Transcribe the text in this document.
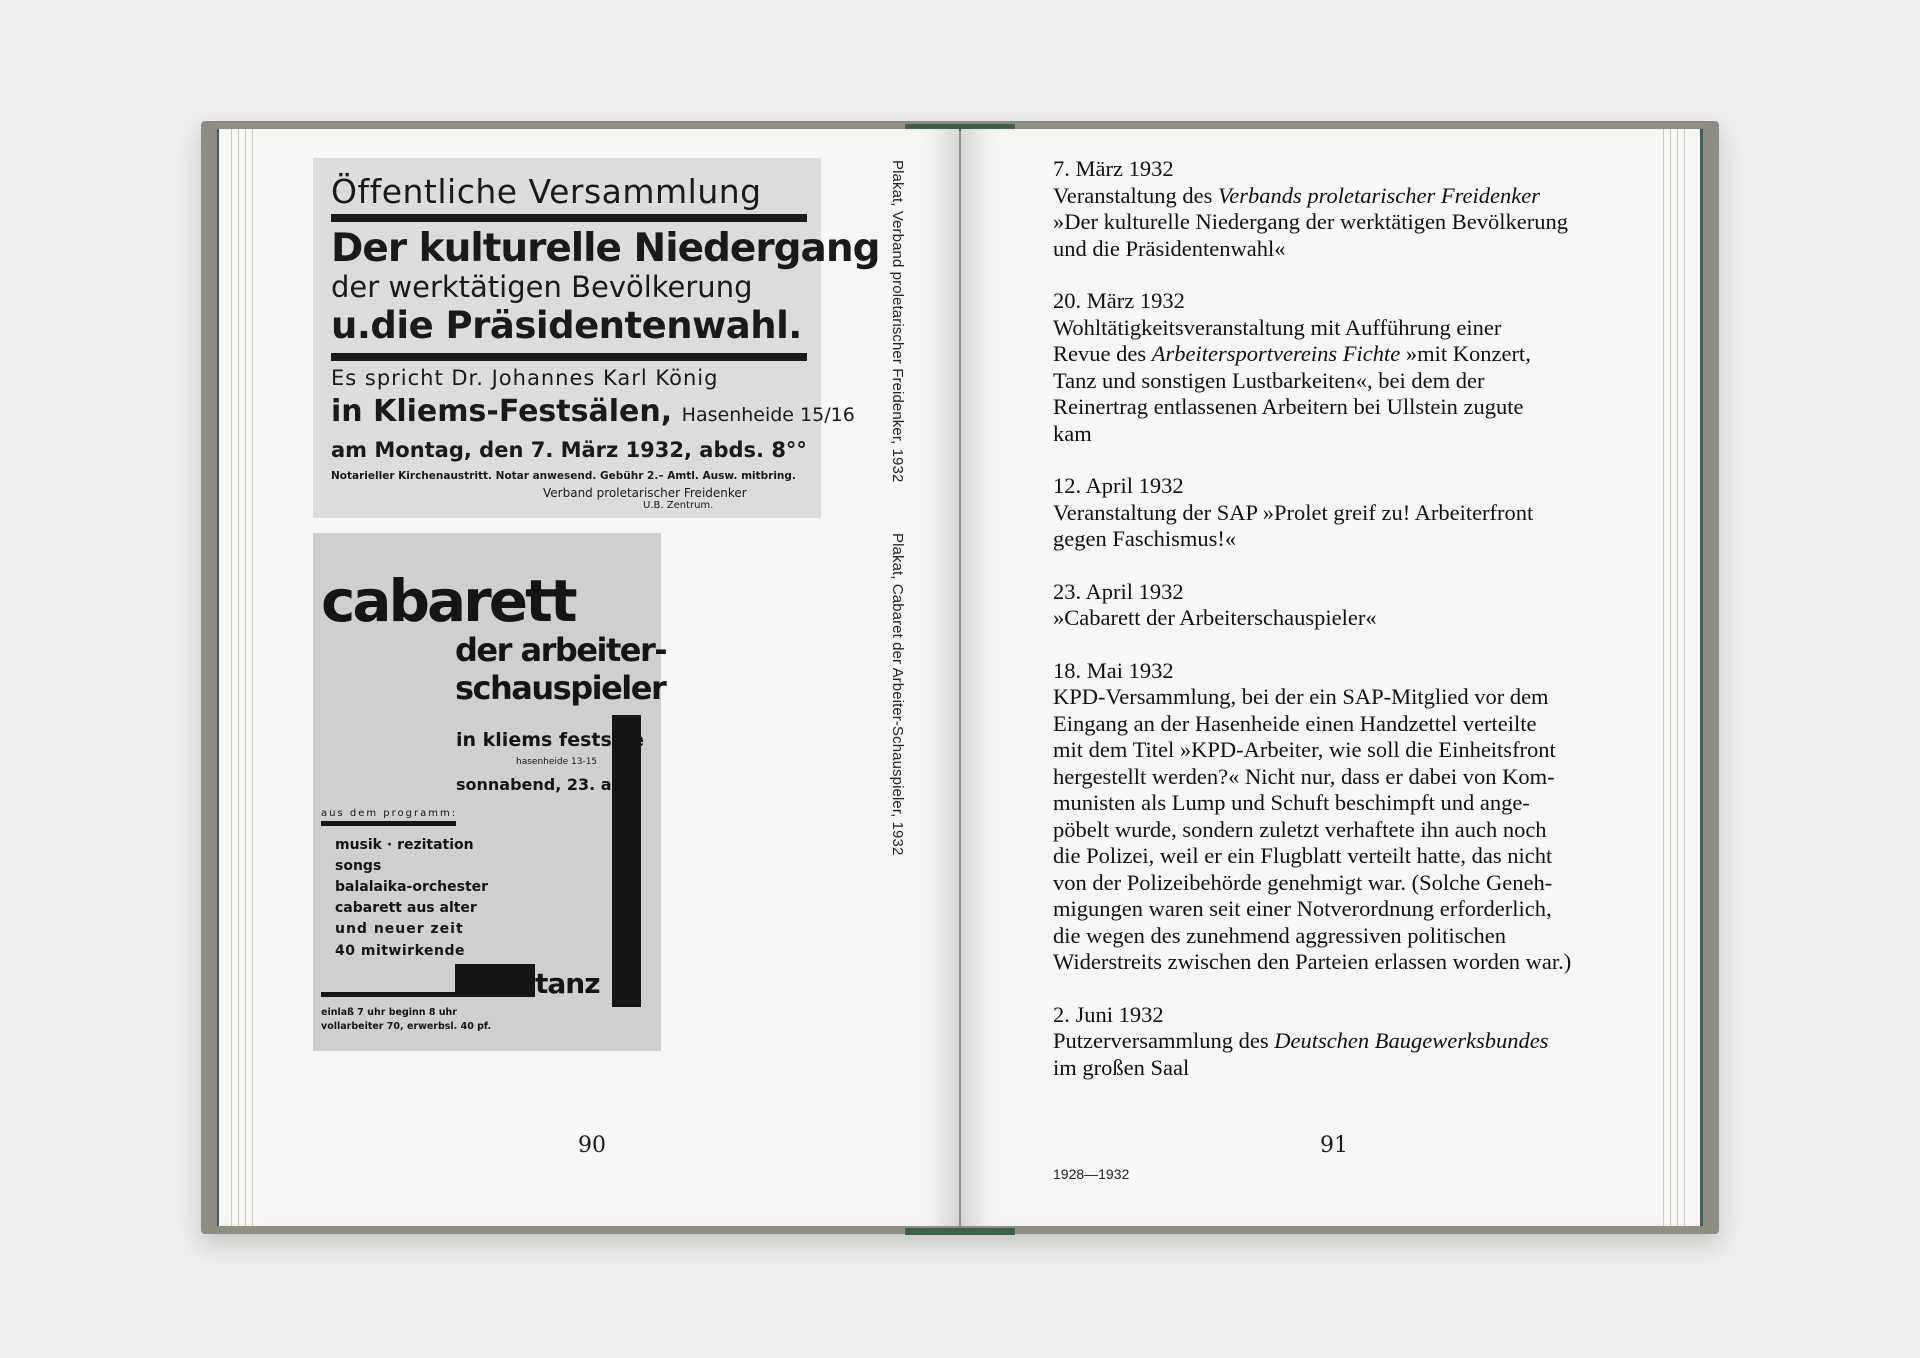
Öffentliche Versammlung
Der kulturelle Niedergang
der werktätigen Bevölkerung
u.die Präsidentenwahl.
Es spricht Dr. Johannes Karl König
in Kliems-Festsälen, Hasenheide 15/16
am Montag, den 7. März 1932, abds. 8°°
Notarieller Kirchenaustritt. Notar anwesend. Gebühr 2.– Amtl. Ausw. mitbring.
Verband proletarischer Freidenker
U.B. Zentrum.
cabarett
der arbeiter-
schauspieler
in kliems festsäle
hasenheide 13-15
sonnabend, 23. april
aus dem programm:
musik · rezitation
songs
balalaika-orchester
cabarett aus alter
und neuer zeit
40 mitwirkende
tanz
einlaß 7 uhr beginn 8 uhr
vollarbeiter 70, erwerbsl. 40 pf.
Plakat, Verband proletarischer Freidenker, 1932
Plakat, Cabaret der Arbeiter-Schauspieler, 1932
90	91
1928—1932

7. März 1932

Veranstaltung des Verbands proletarischer Freidenker

»Der kulturelle Niedergang der werktätigen Bevölkerung

und die Präsidentenwahl«

20. März 1932

Wohltätigkeitsveranstaltung mit Aufführung einer

Revue des Arbeitersportvereins Fichte »mit Konzert,

Tanz und sonstigen Lustbarkeiten«, bei dem der

Reinertrag entlassenen Arbeitern bei Ullstein zugute

kam

12. April 1932

Veranstaltung der SAP »Prolet greif zu! Arbeiterfront

gegen Faschismus!«

23. April 1932

»Cabarett der Arbeiterschauspieler«

18. Mai 1932

KPD-Versammlung, bei der ein SAP-Mitglied vor dem

Eingang an der Hasenheide einen Handzettel verteilte

mit dem Titel »KPD-Arbeiter, wie soll die Einheitsfront

hergestellt werden?« Nicht nur, dass er dabei von Kom-

munisten als Lump und Schuft beschimpft und ange-

pöbelt wurde, sondern zuletzt verhaftete ihn auch noch

die Polizei, weil er ein Flugblatt verteilt hatte, das nicht

von der Polizeibehörde genehmigt war. (Solche Geneh-

migungen waren seit einer Notverordnung erforderlich,

die wegen des zunehmend aggressiven politischen

Widerstreits zwischen den Parteien erlassen worden war.)

2. Juni 1932

Putzerversammlung des Deutschen Baugewerksbundes

im großen Saal
